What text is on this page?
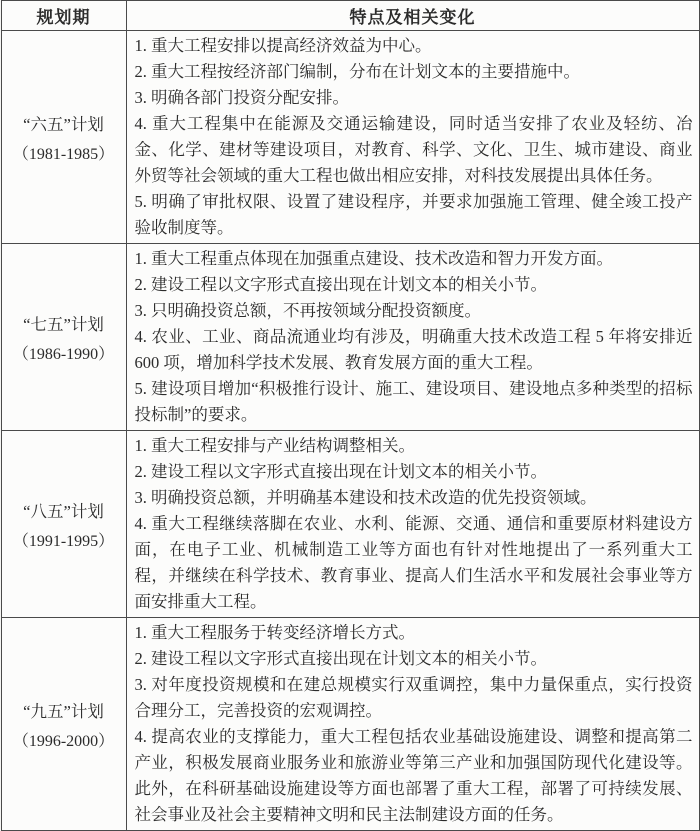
规划期	特点及相关变化

“六五”计划
（1981-1985）

1. 重大工程安排以提高经济效益为中心。
2. 重大工程按经济部门编制，分布在计划文本的主要措施中。
3. 明确各部门投资分配安排。
4. 重大工程集中在能源及交通运输建设，同时适当安排了农业及轻纺、冶金、化学、建材等建设项目，对教育、科学、文化、卫生、城市建设、商业外贸等社会领域的重大工程也做出相应安排，对科技发展提出具体任务。
5. 明确了审批权限、设置了建设程序，并要求加强施工管理、健全竣工投产验收制度等。

“七五”计划
（1986-1990）

1. 重大工程重点体现在加强重点建设、技术改造和智力开发方面。
2. 建设工程以文字形式直接出现在计划文本的相关小节。
3. 只明确投资总额，不再按领域分配投资额度。
4. 农业、工业、商品流通业均有涉及，明确重大技术改造工程 5 年将安排近 600 项，增加科学技术发展、教育发展方面的重大工程。
5. 建设项目增加“积极推行设计、施工、建设项目、建设地点多种类型的招标投标制”的要求。

“八五”计划
（1991-1995）

1. 重大工程安排与产业结构调整相关。
2. 建设工程以文字形式直接出现在计划文本的相关小节。
3. 明确投资总额，并明确基本建设和技术改造的优先投资领域。
4. 重大工程继续落脚在农业、水利、能源、交通、通信和重要原材料建设方面，在电子工业、机械制造工业等方面也有针对性地提出了一系列重大工程，并继续在科学技术、教育事业、提高人们生活水平和发展社会事业等方面安排重大工程。

“九五”计划
（1996-2000）

1. 重大工程服务于转变经济增长方式。
2. 建设工程以文字形式直接出现在计划文本的相关小节。
3. 对年度投资规模和在建总规模实行双重调控，集中力量保重点，实行投资合理分工，完善投资的宏观调控。
4. 提高农业的支撑能力，重大工程包括农业基础设施建设、调整和提高第二产业，积极发展商业服务业和旅游业等第三产业和加强国防现代化建设等。此外，在科研基础设施建设等方面也部署了重大工程，部署了可持续发展、社会事业及社会主要精神文明和民主法制建设方面的任务。
